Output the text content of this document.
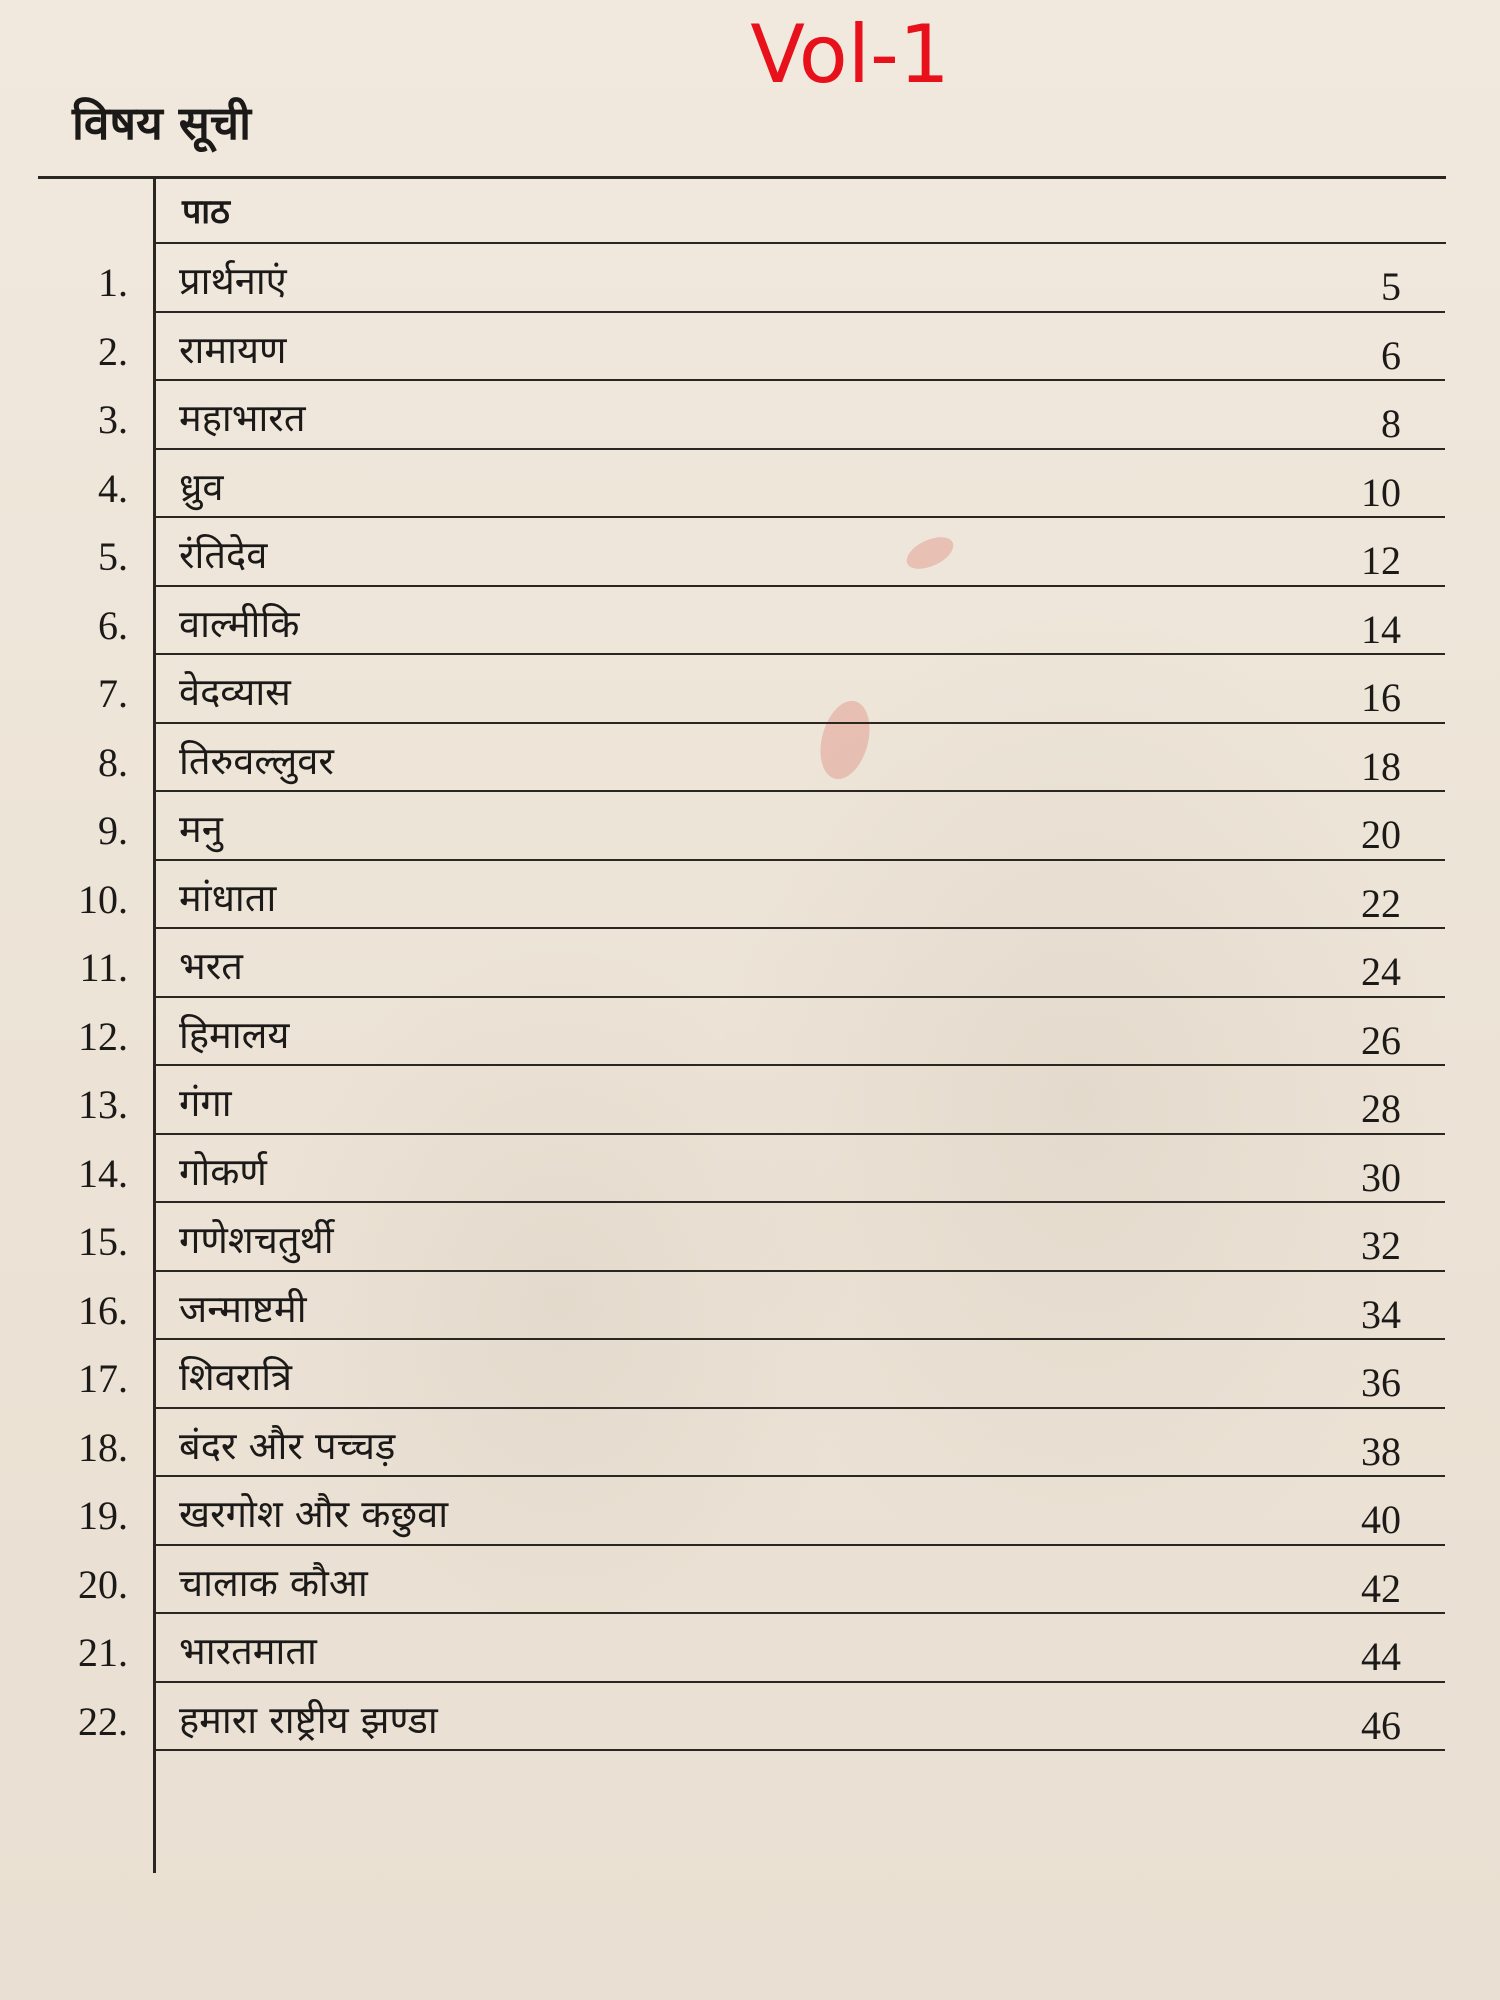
Vol-1
विषय सूची
पाठ
1. प्रार्थनाएं	5
2. रामायण	6
3. महाभारत	8
4. ध्रुव	10
5. रंतिदेव	12
6. वाल्मीकि	14
7. वेदव्यास	16
8. तिरुवल्लुवर	18
9. मनु	20
10. मांधाता	22
11. भरत	24
12. हिमालय	26
13. गंगा	28
14. गोकर्ण	30
15. गणेशचतुर्थी	32
16. जन्माष्टमी	34
17. शिवरात्रि	36
18. बंदर और पच्चड़	38
19. खरगोश और कछुवा	40
20. चालाक कौआ	42
21. भारतमाता	44
22. हमारा राष्ट्रीय झण्डा	46
